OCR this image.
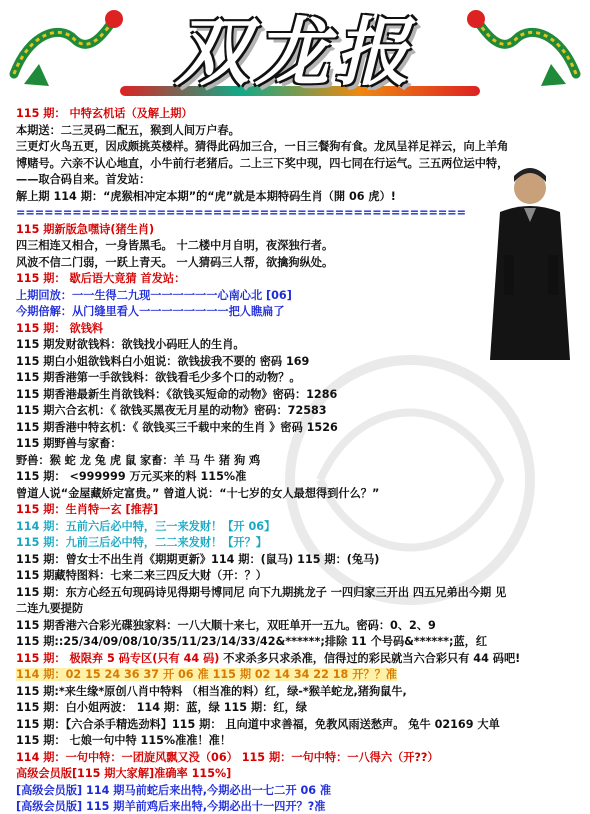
双龙报
115 期： 中特玄机话（及解上期）
本期送：二三灵码二配五，猴到人间万户春。
三更灯火鸟五更，因成颇挑英楼样。猜得此码加三合，一日三餐狗有食。龙凤呈祥足祥云，向上羊角
博赌号。六亲不认心地直，小牛前行老猪后。二上三下奖中现，四七同在行运气。三五两位运中特，
——取合码自来。首发站：
解上期 114 期：“虎猴相冲定本期”的“虎”就是本期特码生肖（開 06 虎）!
================================================
115 期新版急嘿诗(猪生肖)
四三相连又相合，一身皆黑毛。 十二楼中月自明，夜深独行者。
风波不信二门弱，一跃上青天。 一人猜码三人帮，欲擒狗纵处。
115 期： 歇后语大竟猜 首发站：
上期回放：一一生得二九现一一一一一一心南心北 [06]
今期倍解：从门缝里看人一一一一一一一一把人瞧扁了
115 期： 欲钱料
115 期发财欲钱料：欲钱找小码旺人的生肖。
115 期白小姐欲钱料白小姐说：欲钱拔我不要的 密码 169
115 期香港第一手欲钱料：欲钱看毛少多个口的动物？。
115 期香港最新生肖欲钱料：《欲钱买短命的动物》密码：1286
115 期六合玄机：《 欲钱买黑夜无月星的动物》密码：72583
115 期香港中特玄机：《 欲钱买三千载中来的生肖 》密码 1526
115 期野兽与家畜：
野兽：猴 蛇 龙 兔 虎 鼠 家畜：羊 马 牛 猪 狗 鸡
115 期： <999999 万元买来的料 115%准
曾道人说“金屋藏娇定富贵。” 曾道人说：“十七岁的女人最想得到什么？”
115 期：生肖特一玄 [推荐]
114 期：五前六后必中特，三一来发财！【开 06】
115 期：九前三后必中特，二二来发财！【开？】
115 期：曾女士不出生肖《期期更新》114 期：(鼠马) 115 期：(兔马)
115 期藏特图料：七来二来三四反大财（开：？）
115 期：东方心经五句现码诗见得期号博同尼 向下九期挑龙子 一四归家三开出 四五兄弟出今期 见
二连九要提防
115 期香港六合彩光碟独家料：一八大顺十来七，双旺单开一五九。密码：0、2、9
115 期::25/34/09/08/10/35/11/23/14/33/42&******;排除 11 个号码&******;蓝，红
115 期： 极限弃 5 码专区(只有 44 码) 不求杀多只求杀准，信得过的彩民就当六合彩只有 44 码吧!
114 期：02 15 24 36 37 开 06 准 115 期 02 14 34 22 18 开？？准
115 期:*来生缘*原创八肖中特料 （相当准的料）红，绿-*猴羊蛇龙,猪狗鼠牛,
115 期：白小姐两波： 114 期：蓝，绿 115 期：红，绿
115 期：【六合杀手精选劲料】115 期： 且向道中求善福，免教风雨送愁声。 兔牛 02169 大单
115 期： 七娘一句中特 115%准准！准！
114 期：一句中特：一团旋风飘又没（06） 115 期：一句中特：一八得六（开??）
高级会员版[115 期大家解]准确率 115%]
[高级会员版] 114 期马前蛇后来出特,今期必出一七二开 06 准
[高级会员版] 115 期羊前鸡后来出特,今期必出十一四开？?准
